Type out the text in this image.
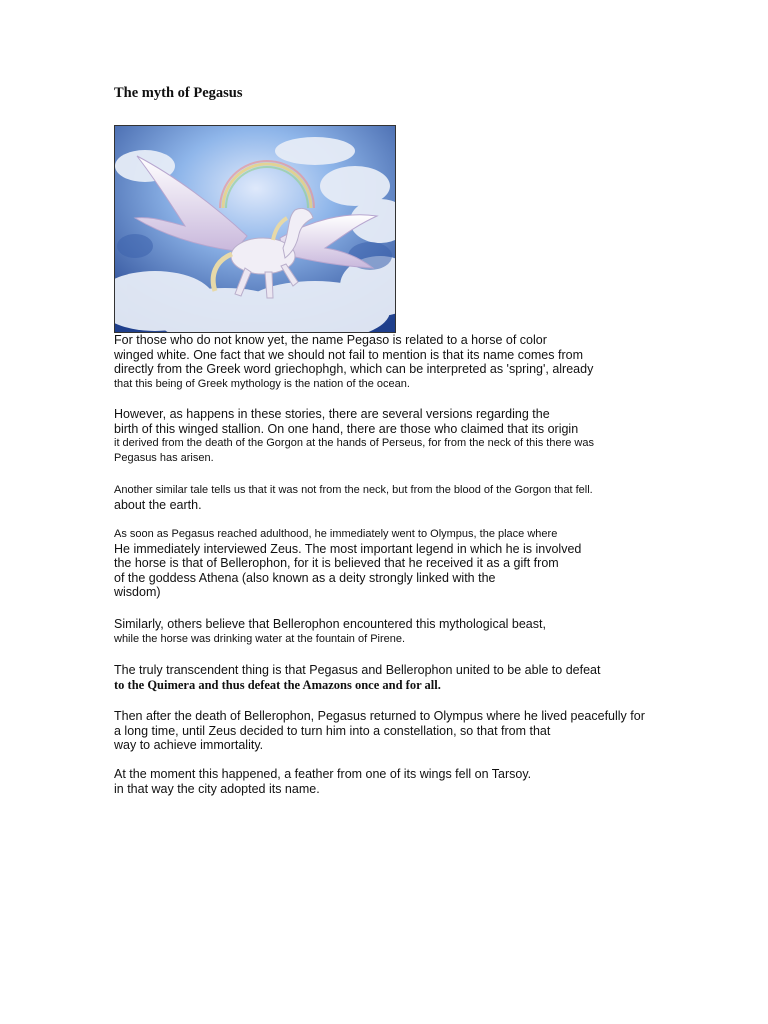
The myth of Pegasus
For those who do not know yet, the name Pegaso is related to a horse of color
winged white. One fact that we should not fail to mention is that its name comes from
directly from the Greek word griechophgh, which can be interpreted as 'spring', already
that this being of Greek mythology is the nation of the ocean.
However, as happens in these stories, there are several versions regarding the
birth of this winged stallion. On one hand, there are those who claimed that its origin
it derived from the death of the Gorgon at the hands of Perseus, for from the neck of this there was
Pegasus has arisen.
Another similar tale tells us that it was not from the neck, but from the blood of the Gorgon that fell.
about the earth.
As soon as Pegasus reached adulthood, he immediately went to Olympus, the place where
He immediately interviewed Zeus. The most important legend in which he is involved
the horse is that of Bellerophon, for it is believed that he received it as a gift from
of the goddess Athena (also known as a deity strongly linked with the
wisdom)
Similarly, others believe that Bellerophon encountered this mythological beast,
while the horse was drinking water at the fountain of Pirene.
The truly transcendent thing is that Pegasus and Bellerophon united to be able to defeat
to the Quimera and thus defeat the Amazons once and for all.
Then after the death of Bellerophon, Pegasus returned to Olympus where he lived peacefully for
a long time, until Zeus decided to turn him into a constellation, so that from that
way to achieve immortality.
At the moment this happened, a feather from one of its wings fell on Tarsoy.
in that way the city adopted its name.
